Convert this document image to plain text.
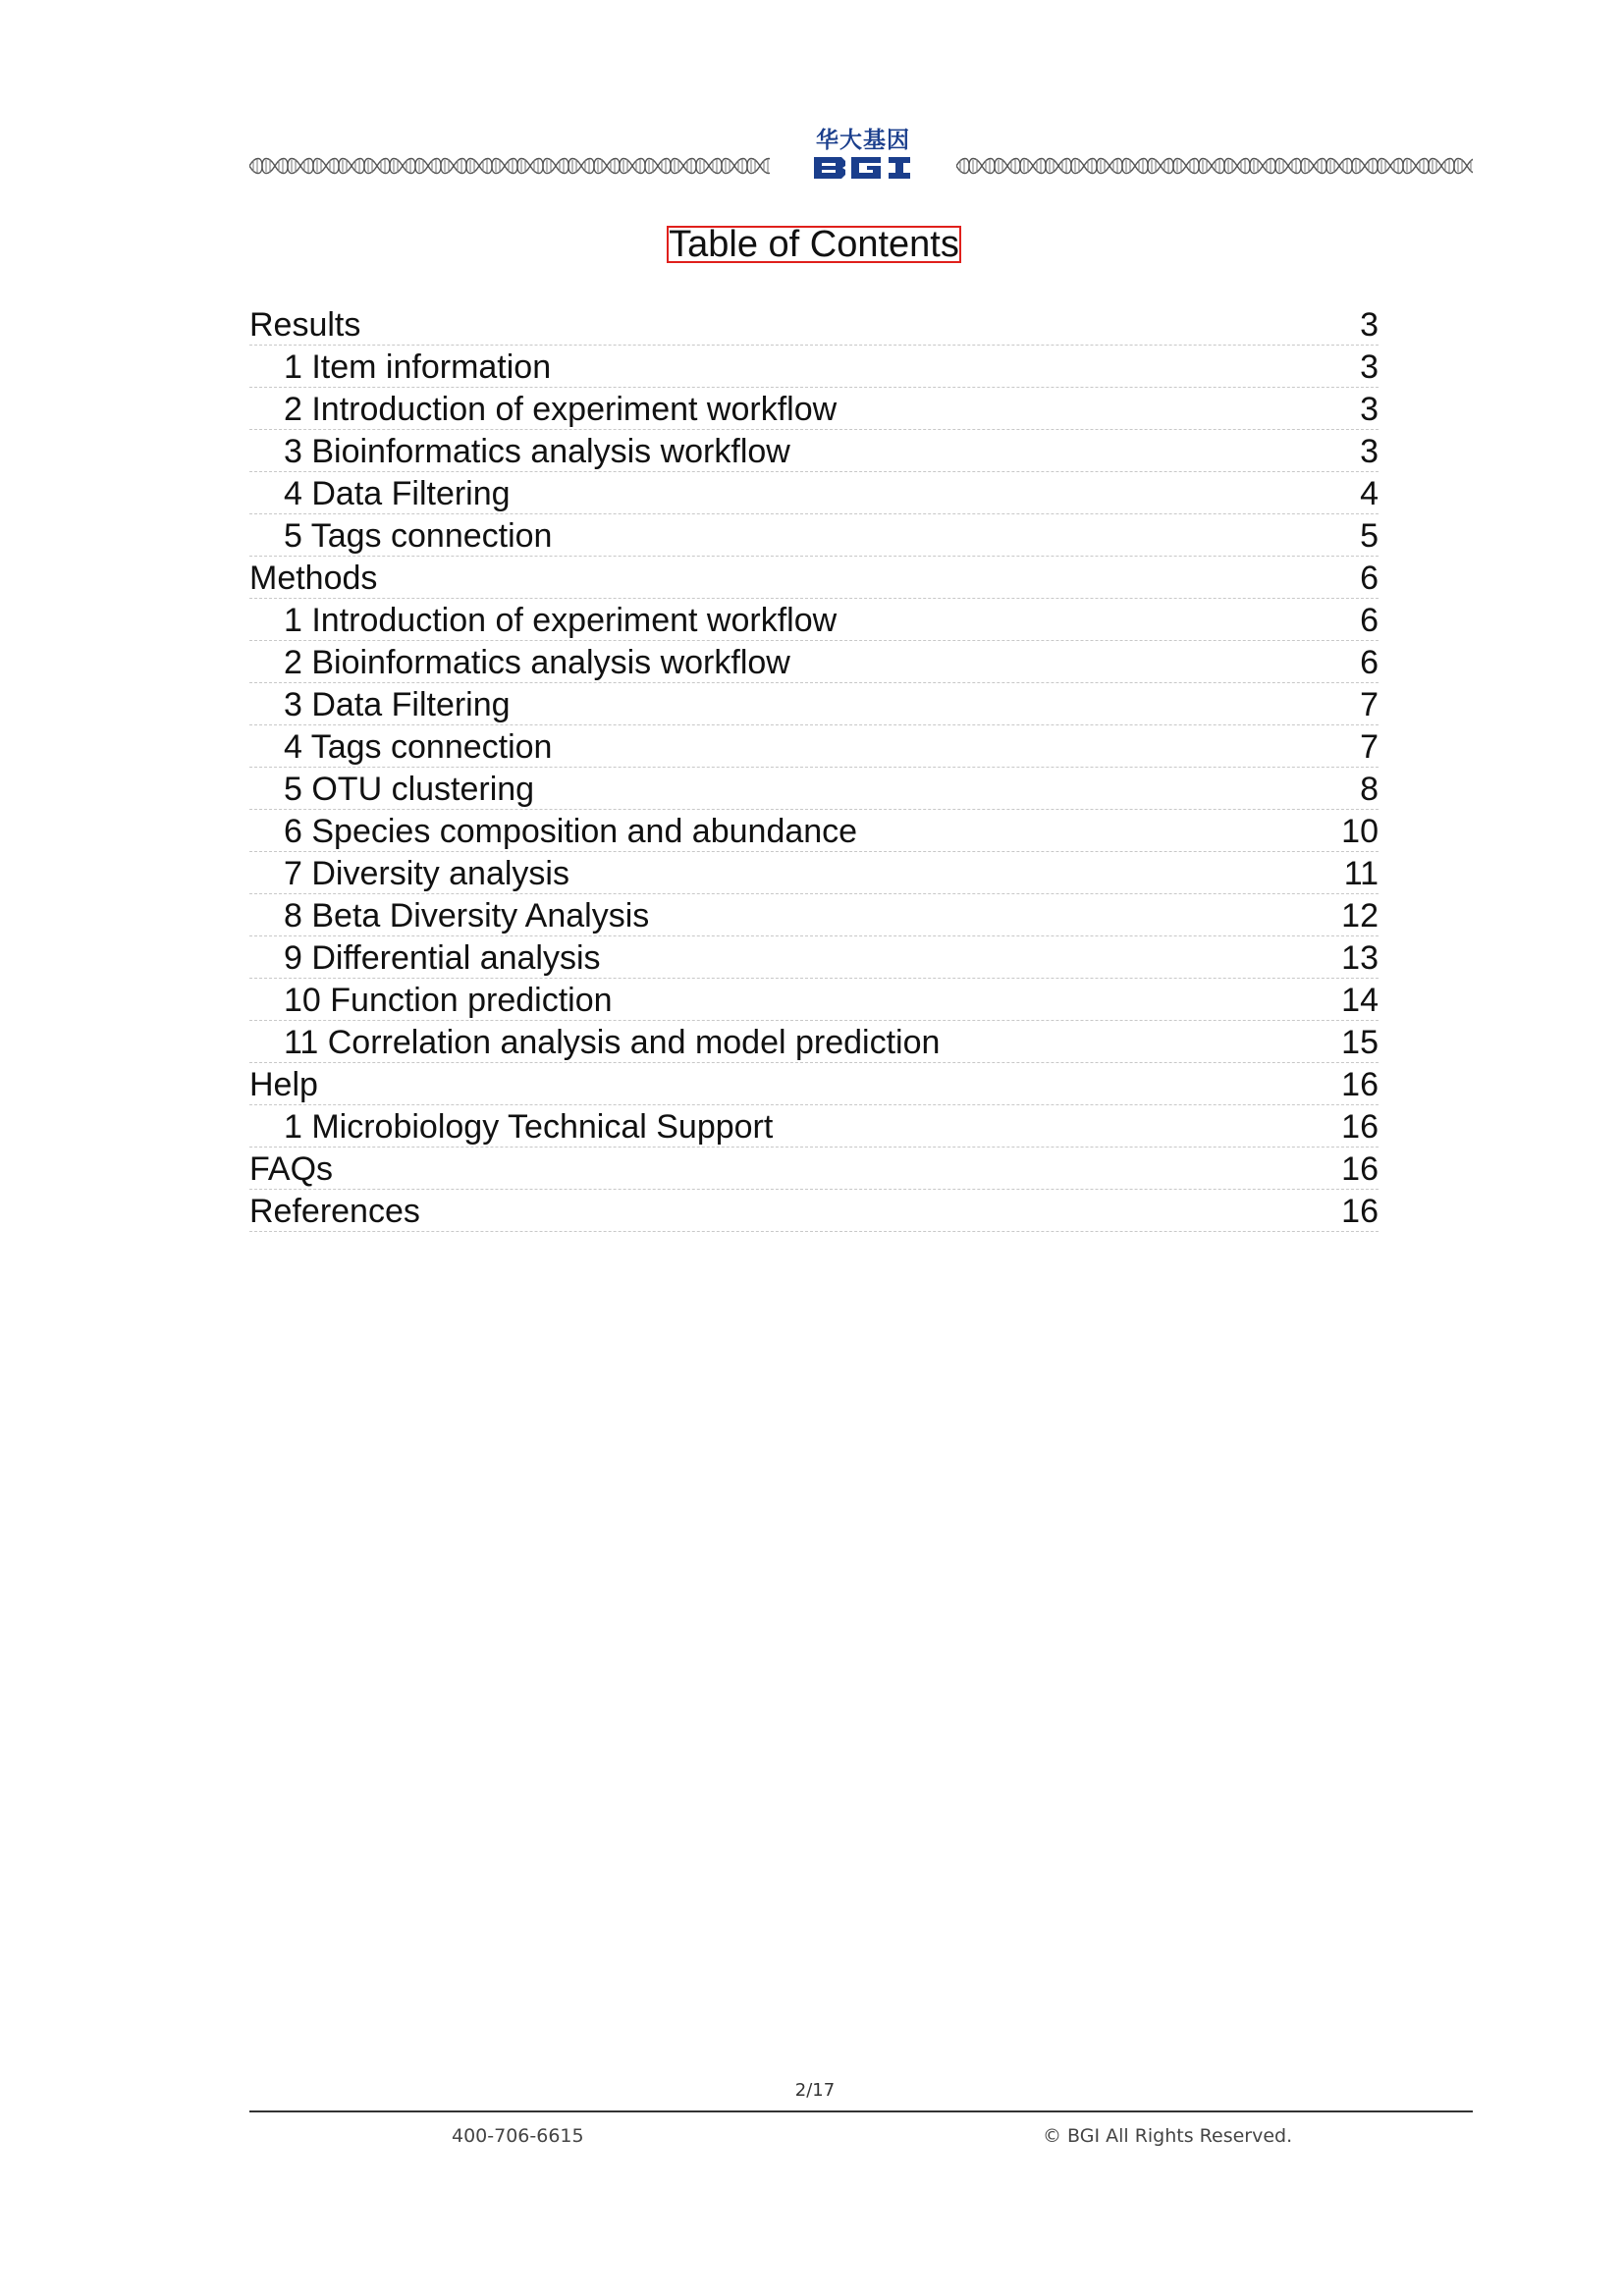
华大基因
Table of Contents
Results	3
1 Item information	3
2 Introduction of experiment workflow	3
3 Bioinformatics analysis workflow	3
4 Data Filtering	4
5 Tags connection	5
Methods	6
1 Introduction of experiment workflow	6
2 Bioinformatics analysis workflow	6
3 Data Filtering	7
4 Tags connection	7
5 OTU clustering	8
6 Species composition and abundance	10
7 Diversity analysis	11
8 Beta Diversity Analysis	12
9 Differential analysis	13
10 Function prediction	14
11 Correlation analysis and model prediction	15
Help	16
1 Microbiology Technical Support	16
FAQs	16
References	16
2/17
400-706-6615	© BGI All Rights Reserved.
